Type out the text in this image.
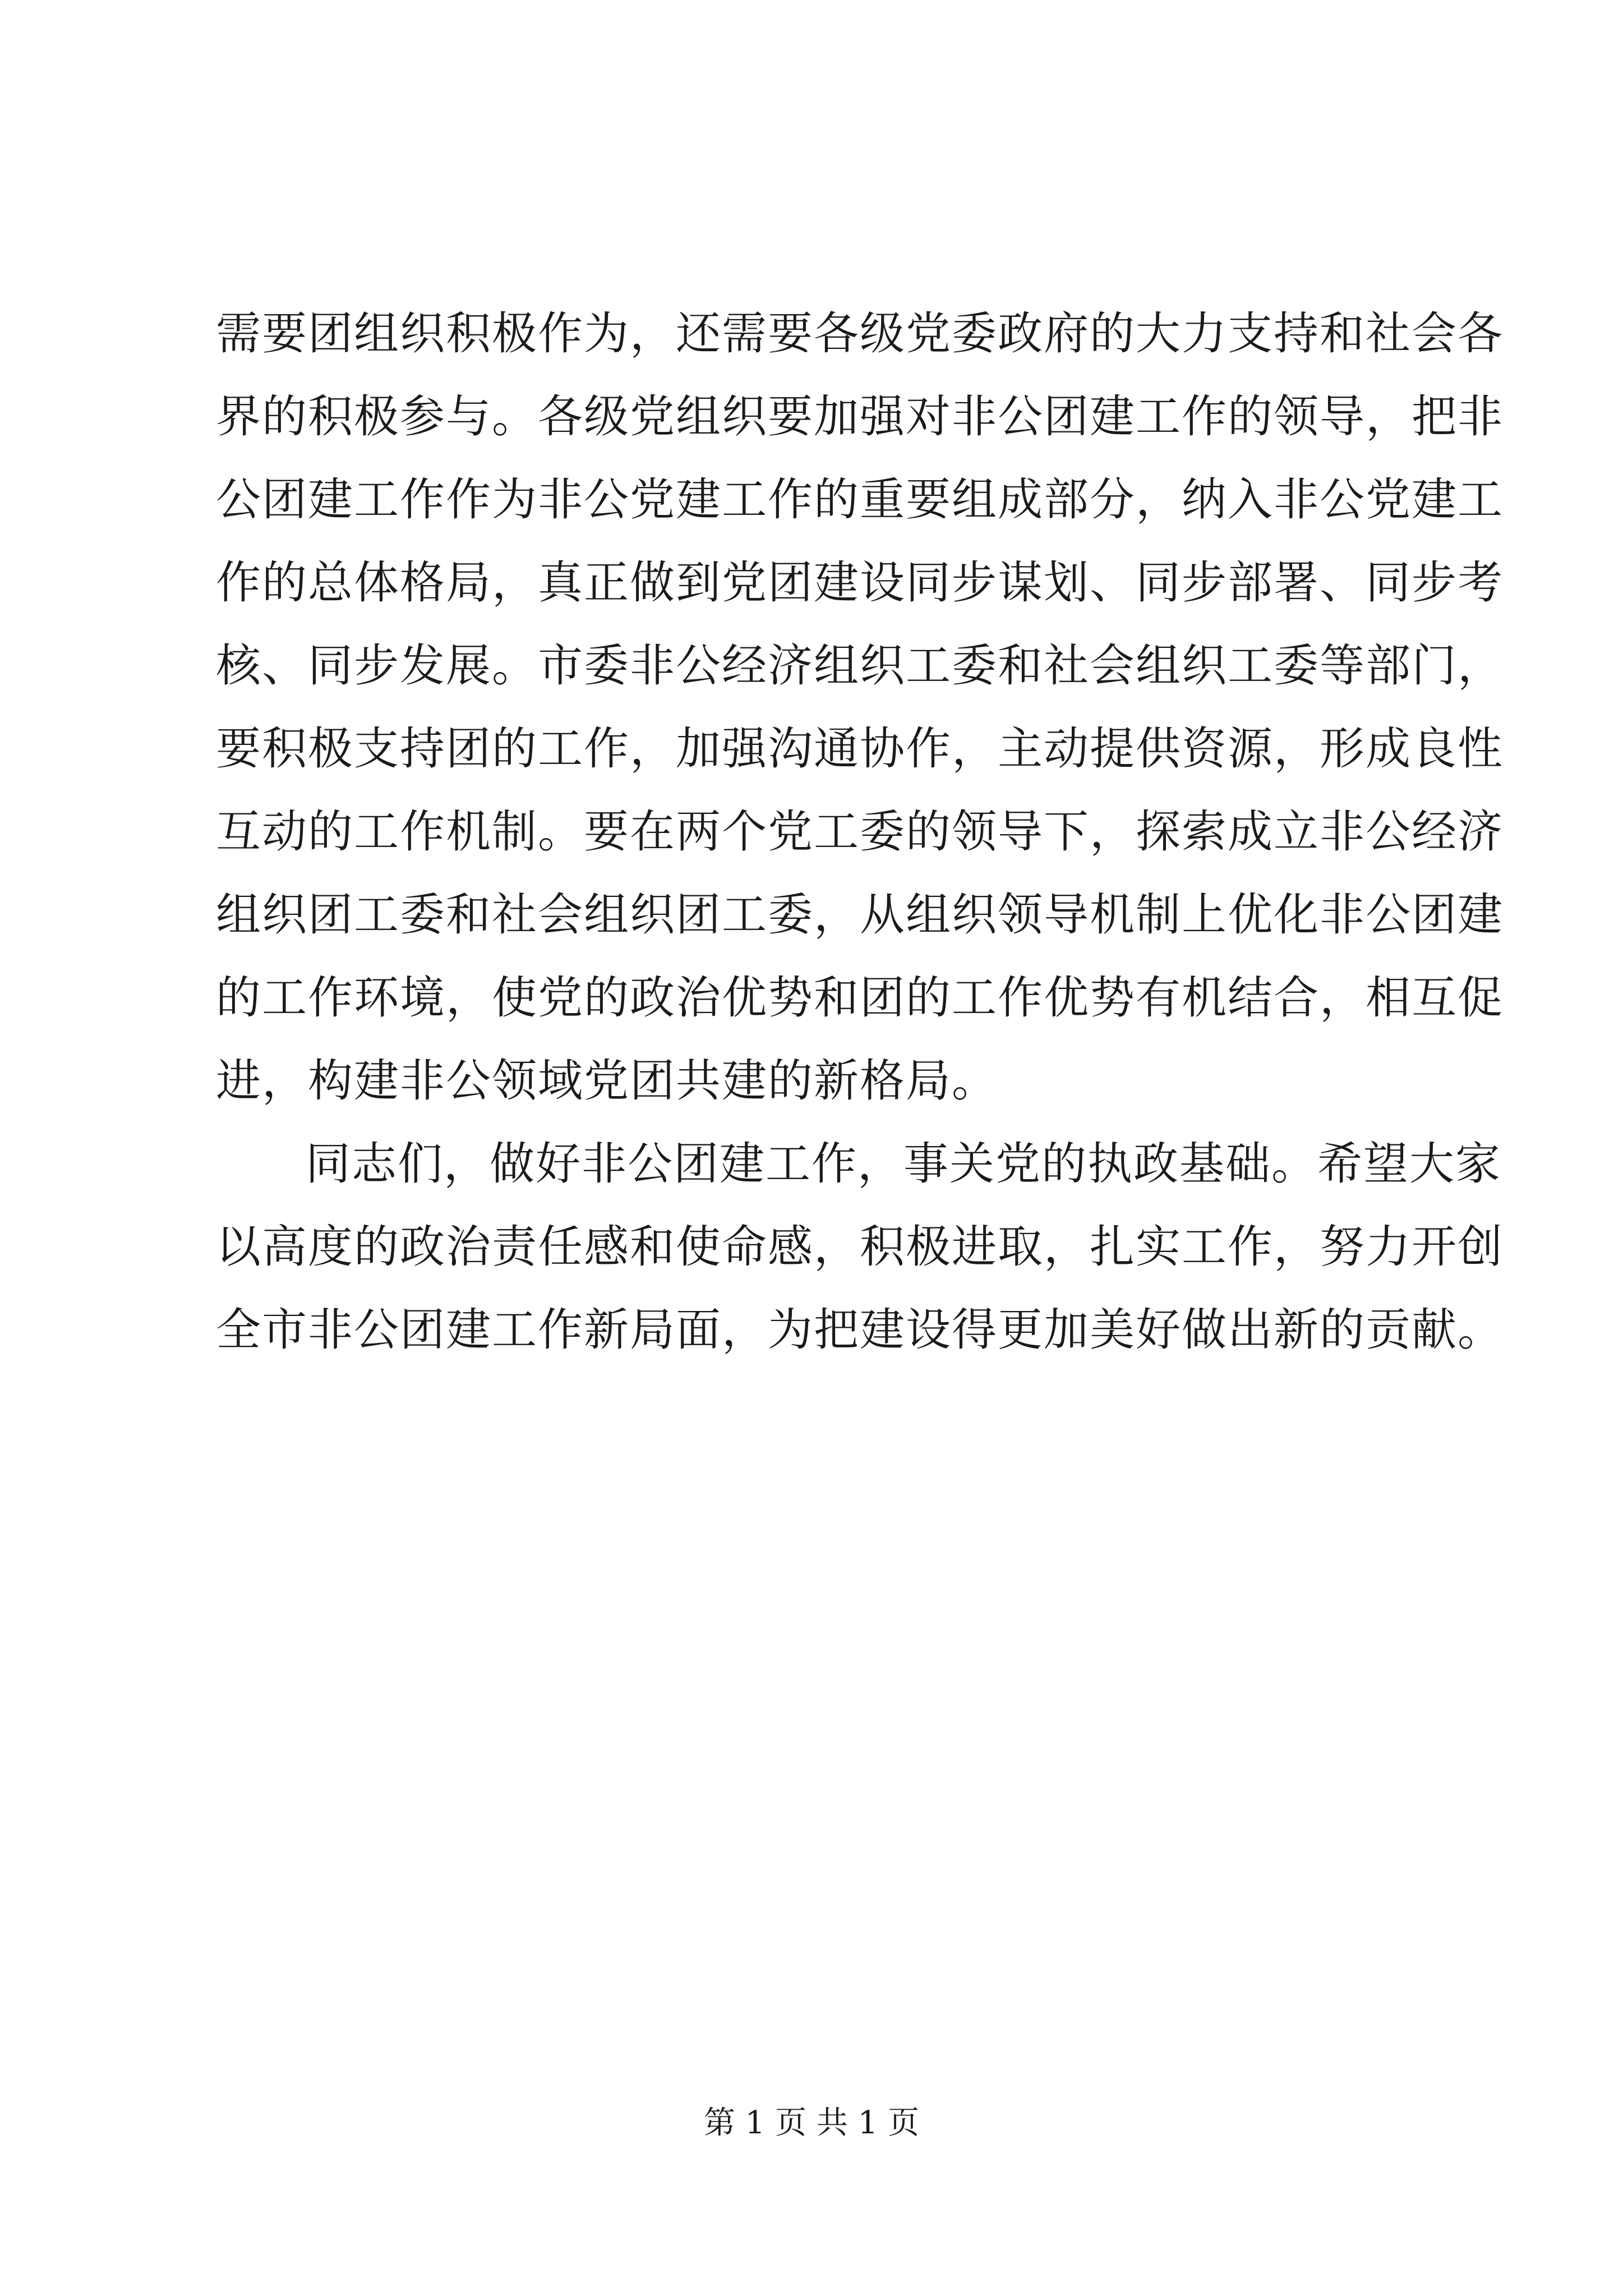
需要团组织积极作为，还需要各级党委政府的大力支持和社会各
界的积极参与。各级党组织要加强对非公团建工作的领导，把非
公团建工作作为非公党建工作的重要组成部分，纳入非公党建工
作的总体格局，真正做到党团建设同步谋划、同步部署、同步考
核、同步发展。市委非公经济组织工委和社会组织工委等部门，
要积极支持团的工作，加强沟通协作，主动提供资源，形成良性
互动的工作机制。要在两个党工委的领导下，探索成立非公经济
组织团工委和社会组织团工委，从组织领导机制上优化非公团建
的工作环境，使党的政治优势和团的工作优势有机结合，相互促
进，构建非公领域党团共建的新格局。
同志们，做好非公团建工作，事关党的执政基础。希望大家
以高度的政治责任感和使命感，积极进取，扎实工作，努力开创
全市非公团建工作新局面，为把建设得更加美好做出新的贡献。
第 1 页 共 1 页
